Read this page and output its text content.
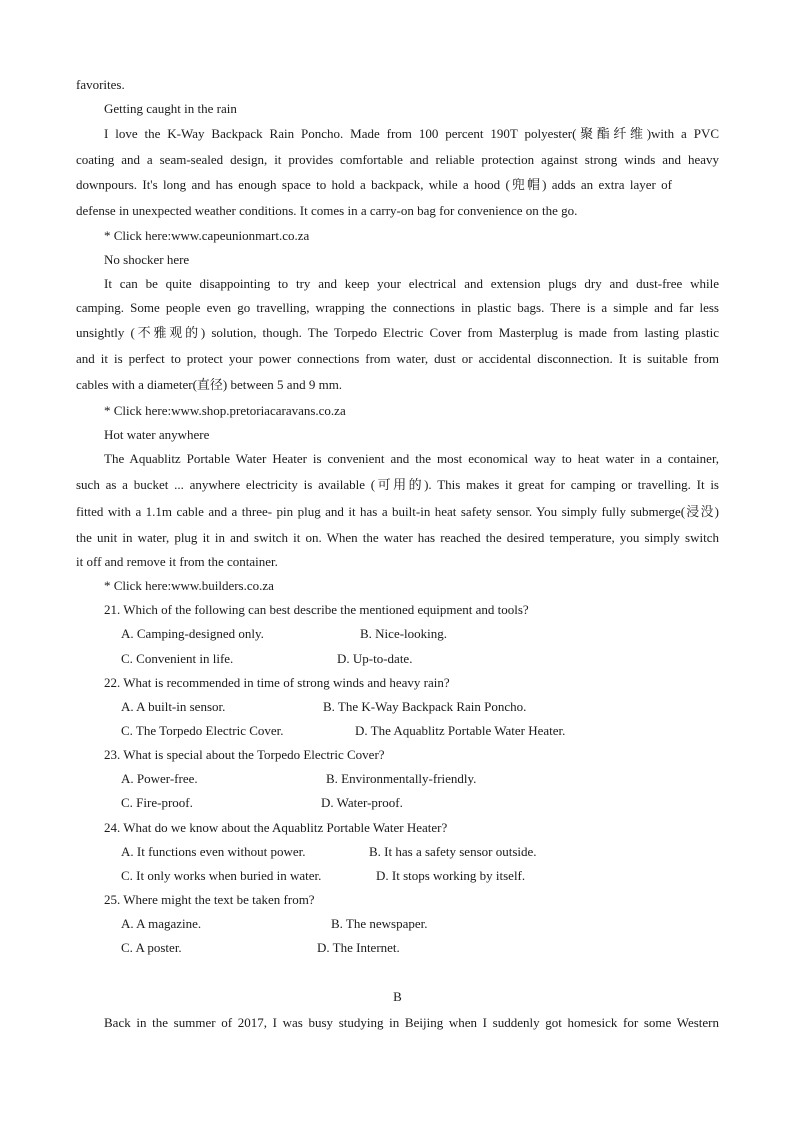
favorites.
Getting caught in the rain
I love the K-Way Backpack Rain Poncho. Made from 100 percent 190T polyester(聚酯纤维)with a PVC
coating and a seam-sealed design, it provides comfortable and reliable protection against strong winds and heavy
downpours. It's long and has enough space to hold a backpack, while a hood (兜帽) adds an extra layer of
defense in unexpected weather conditions. It comes in a carry-on bag for convenience on the go.
* Click here:www.capeunionmart.co.za
No shocker here
It can be quite disappointing to try and keep your electrical and extension plugs dry and dust-free while
camping. Some people even go travelling, wrapping the connections in plastic bags. There is a simple and far less
unsightly (不雅观的) solution, though. The Torpedo Electric Cover from Masterplug is made from lasting plastic
and it is perfect to protect your power connections from water, dust or accidental disconnection. It is suitable from
cables with a diameter(直径) between 5 and 9 mm.
* Click here:www.shop.pretoriacaravans.co.za
Hot water anywhere
The Aquablitz Portable Water Heater is convenient and the most economical way to heat water in a container,
such as a bucket ... anywhere electricity is available (可用的). This makes it great for camping or travelling. It is
fitted with a 1.1m cable and a three- pin plug and it has a built-in heat safety sensor. You simply fully submerge(浸没)
the unit in water, plug it in and switch it on. When the water has reached the desired temperature, you simply switch
it off and remove it from the container.
* Click here:www.builders.co.za
21. Which of the following can best describe the mentioned equipment and tools?
A. Camping-designed only.	B. Nice-looking.
C. Convenient in life.	D. Up-to-date.
22. What is recommended in time of strong winds and heavy rain?
A. A built-in sensor.	B. The K-Way Backpack Rain Poncho.
C. The Torpedo Electric Cover.	D. The Aquablitz Portable Water Heater.
23. What is special about the Torpedo Electric Cover?
A. Power-free.	B. Environmentally-friendly.
C. Fire-proof.	D. Water-proof.
24. What do we know about the Aquablitz Portable Water Heater?
A. It functions even without power.	B. It has a safety sensor outside.
C. It only works when buried in water.	D. It stops working by itself.
25. Where might the text be taken from?
A. A magazine.	B. The newspaper.
C. A poster.	D. The Internet.
B
Back in the summer of 2017, I was busy studying in Beijing when I suddenly got homesick for some Western
